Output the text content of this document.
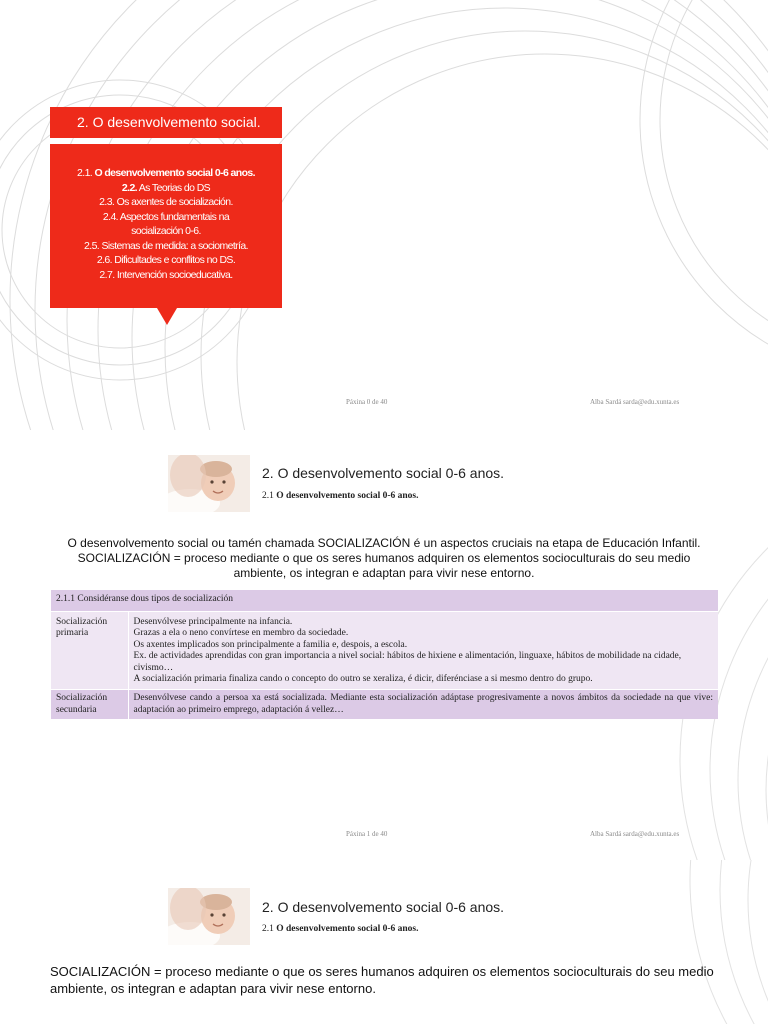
2. O desenvolvemento social.
2.1. O desenvolvemento social 0-6 anos.
2.2. As Teorias do DS
2.3. Os axentes de socialización.
2.4. Aspectos fundamentais na
socialización 0-6.
2.5. Sistemas de medida: a sociometría.
2.6. Dificultades e conflitos no DS.
2.7. Intervención socioeducativa.
Páxina 0 de 40	Alba Sardá sarda@edu.xunta.es
2. O desenvolvemento social 0-6 anos.
2.1 O desenvolvemento social 0-6 anos.
O desenvolvemento social ou tamén chamada SOCIALIZACIÓN é un aspectos cruciais na etapa de Educación Infantil.
SOCIALIZACIÓN = proceso mediante o que os seres humanos adquiren os elementos socioculturais do seu medio
ambiente, os integran e adaptan para vivir nese entorno.
2.1.1 Considéranse dous tipos de socialización	
Socialización primaria	Desenvólvese principalmente na infancia.
Grazas a ela o neno convírtese en membro da sociedade.
Os axentes implicados son principalmente a familia e, despois, a escola.
Ex. de actividades aprendidas con gran importancia a nivel social: hábitos de hixiene e alimentación, linguaxe, hábitos de mobilidade na cidade, civismo…
A socialización primaria finaliza cando o concepto do outro se xeraliza, é dicir, diferénciase a si mesmo dentro do grupo.

Socialización secundaria	Desenvólvese cando a persoa xa está socializada. Mediante esta socialización adáptase progresivamente a novos ámbitos da sociedade na que vive: adaptación ao primeiro emprego, adaptación á vellez…
Páxina 1 de 40	Alba Sardá sarda@edu.xunta.es
2. O desenvolvemento social 0-6 anos.
2.1 O desenvolvemento social 0-6 anos.
SOCIALIZACIÓN = proceso mediante o que os seres humanos adquiren os elementos socioculturais do seu medio ambiente, os integran e adaptan para vivir nese entorno.
